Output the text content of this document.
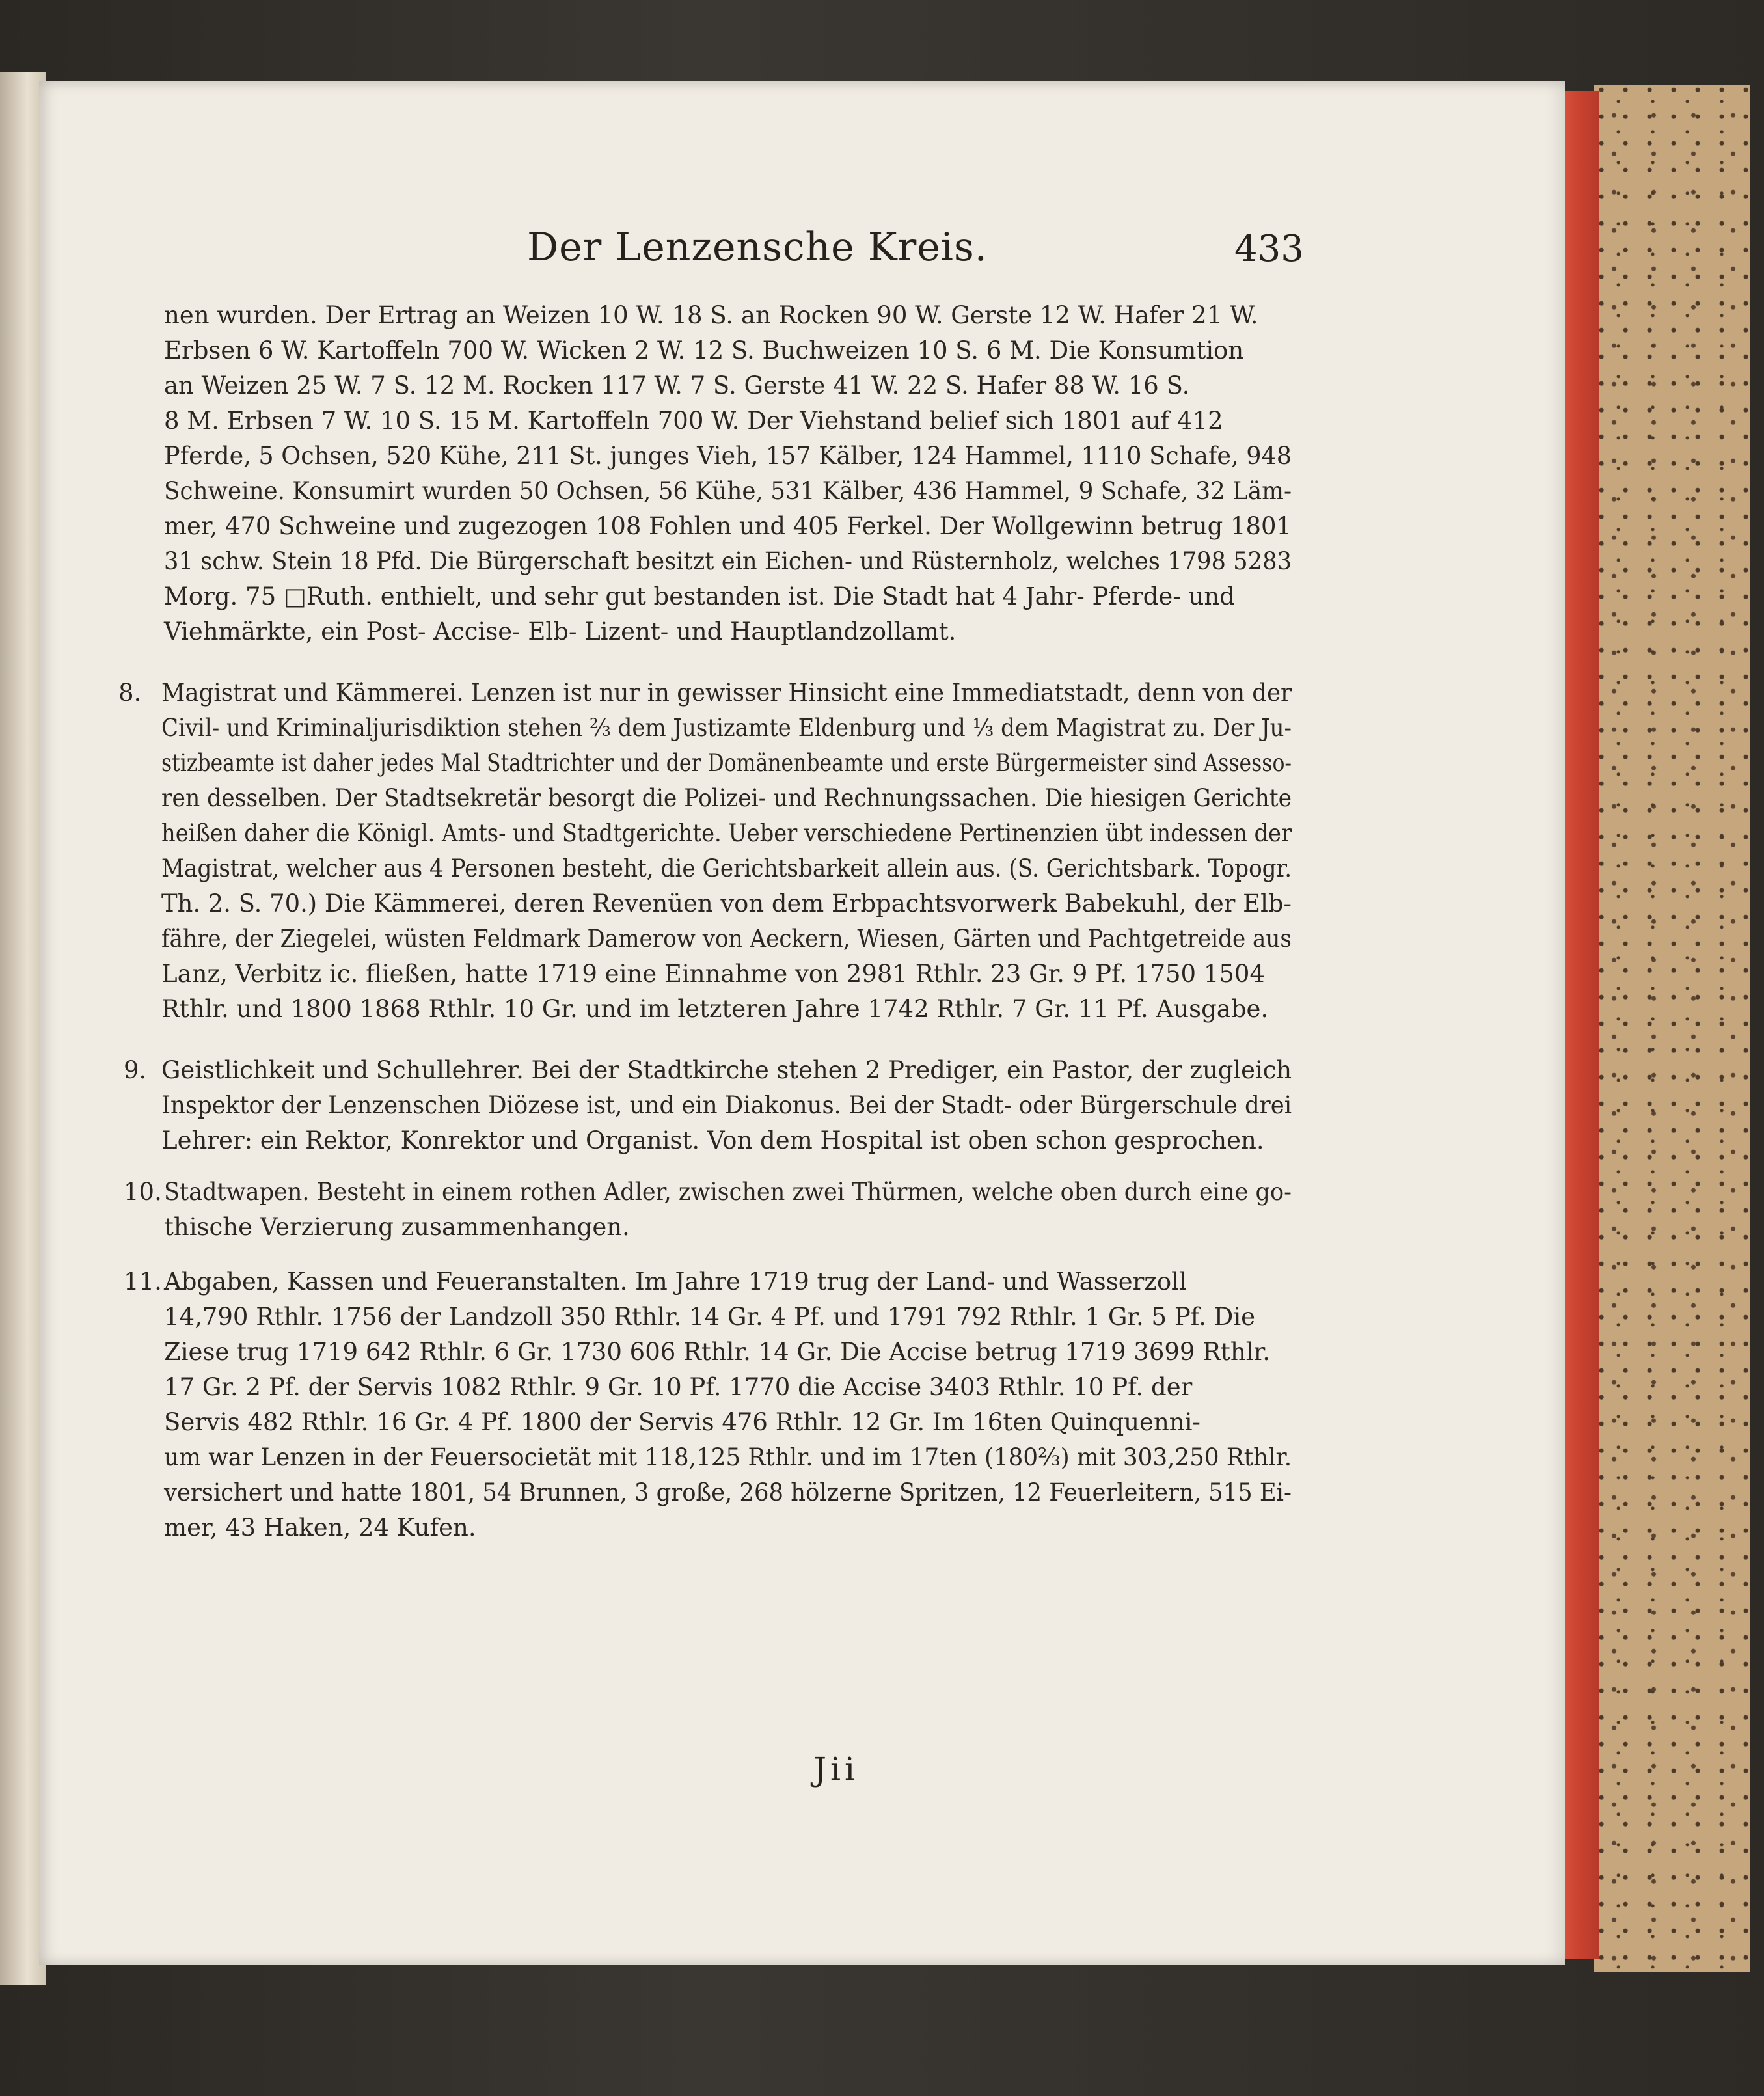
Der Lenzensche Kreis.	433
nen wurden. Der Ertrag an Weizen 10 W. 18 S. an Rocken 90 W. Gerste 12 W. Hafer 21 W.
Erbsen 6 W. Kartoffeln 700 W. Wicken 2 W. 12 S. Buchweizen 10 S. 6 M. Die Konsumtion
an Weizen 25 W. 7 S. 12 M. Rocken 117 W. 7 S. Gerste 41 W. 22 S. Hafer 88 W. 16 S.
8 M. Erbsen 7 W. 10 S. 15 M. Kartoffeln 700 W. Der Viehstand belief sich 1801 auf 412
Pferde, 5 Ochsen, 520 Kühe, 211 St. junges Vieh, 157 Kälber, 124 Hammel, 1110 Schafe, 948
Schweine. Konsumirt wurden 50 Ochsen, 56 Kühe, 531 Kälber, 436 Hammel, 9 Schafe, 32 Läm-
mer, 470 Schweine und zugezogen 108 Fohlen und 405 Ferkel. Der Wollgewinn betrug 1801
31 schw. Stein 18 Pfd. Die Bürgerschaft besitzt ein Eichen- und Rüsternholz, welches 1798 5283
Morg. 75 □Ruth. enthielt, und sehr gut bestanden ist. Die Stadt hat 4 Jahr- Pferde- und
Viehmärkte, ein Post- Accise- Elb- Lizent- und Hauptlandzollamt.
8. Magistrat und Kämmerei. Lenzen ist nur in gewisser Hinsicht eine Immediatstadt, denn von der
Civil- und Kriminaljurisdiktion stehen ⅔ dem Justizamte Eldenburg und ⅓ dem Magistrat zu. Der Ju-
stizbeamte ist daher jedes Mal Stadtrichter und der Domänenbeamte und erste Bürgermeister sind Assesso-
ren desselben. Der Stadtsekretär besorgt die Polizei- und Rechnungssachen. Die hiesigen Gerichte
heißen daher die Königl. Amts- und Stadtgerichte. Ueber verschiedene Pertinenzien übt indessen der
Magistrat, welcher aus 4 Personen besteht, die Gerichtsbarkeit allein aus. (S. Gerichtsbark. Topogr.
Th. 2. S. 70.) Die Kämmerei, deren Revenüen von dem Erbpachtsvorwerk Babekuhl, der Elb-
fähre, der Ziegelei, wüsten Feldmark Damerow von Aeckern, Wiesen, Gärten und Pachtgetreide aus
Lanz, Verbitz ic. fließen, hatte 1719 eine Einnahme von 2981 Rthlr. 23 Gr. 9 Pf. 1750 1504
Rthlr. und 1800 1868 Rthlr. 10 Gr. und im letzteren Jahre 1742 Rthlr. 7 Gr. 11 Pf. Ausgabe.
9. Geistlichkeit und Schullehrer. Bei der Stadtkirche stehen 2 Prediger, ein Pastor, der zugleich
Inspektor der Lenzenschen Diözese ist, und ein Diakonus. Bei der Stadt- oder Bürgerschule drei
Lehrer: ein Rektor, Konrektor und Organist. Von dem Hospital ist oben schon gesprochen.
10. Stadtwapen. Besteht in einem rothen Adler, zwischen zwei Thürmen, welche oben durch eine go-
thische Verzierung zusammenhangen.
11. Abgaben, Kassen und Feueranstalten. Im Jahre 1719 trug der Land- und Wasserzoll
14,790 Rthlr. 1756 der Landzoll 350 Rthlr. 14 Gr. 4 Pf. und 1791 792 Rthlr. 1 Gr. 5 Pf. Die
Ziese trug 1719 642 Rthlr. 6 Gr. 1730 606 Rthlr. 14 Gr. Die Accise betrug 1719 3699 Rthlr.
17 Gr. 2 Pf. der Servis 1082 Rthlr. 9 Gr. 10 Pf. 1770 die Accise 3403 Rthlr. 10 Pf. der
Servis 482 Rthlr. 16 Gr. 4 Pf. 1800 der Servis 476 Rthlr. 12 Gr. Im 16ten Quinquenni-
um war Lenzen in der Feuersocietät mit 118,125 Rthlr. und im 17ten (180⅔) mit 303,250 Rthlr.
versichert und hatte 1801, 54 Brunnen, 3 große, 268 hölzerne Spritzen, 12 Feuerleitern, 515 Ei-
mer, 43 Haken, 24 Kufen.
Jii
